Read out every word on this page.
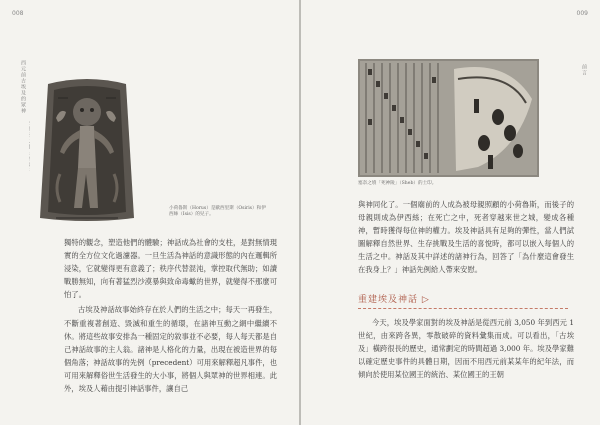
008
西元前古埃及的眾神
小荷魯斯（Horus）是歐西里斯（Osiris）和伊
西絲（Isis）的兒子。

獨特的觀念，塑造他們的體驗；神話成為社會的支柱，是對無情現實的全方位文化過濾器。一旦生活為神話的意識形態的內在邏輯所浸染，它就變得更有意義了；秩序代替混沌，掌控取代無助；如讀戰勝無知，向有著猛烈沙漠暴與致命毒蠍的世界，就變得不那麼可怕了。

古埃及神話故事始終存在於人們的生活之中；每天一再發生，不斷重複著創造、毀滅和重生的循環，在諸神互動之網中繼續不休。將這些故事安排為一種固定的敘事並不必要，每人每天都是自己神話故事的主人翁。諸神是人格化的力量，出現在被造世界的每個角落；神話故事的先例（precedent）可用來解釋超凡事件，也可用來解釋俗世生活發生的大小事，將個人與眾神的世界相連。此外，埃及人藉由提引神話事件，讓自己

009
前言
塞奈之墳「死神陵」（Sheb）的土印。

與神同化了。一個廟前的人成為被母親照顧的小荷魯斯，而後子的母親則成為伊西絲；在死亡之中，死者穿越來世之城，變成各種神，暫時獲得每位神的權力。埃及神話具有足夠的彈性，當人們試圖解釋自然世界、生存挑戰及生活的喜悅時，都可以嵌入每個人的生活之中。神話及其中詳述的諸神行為，回答了「為什麼這會發生在我身上？」神話先例給人帶來安慰。

重建埃及神話 ▷

今天，埃及學家面對的埃及神話是從西元前 3,050 年到西元 1 世紀，由來跨各異，零散破碎的資料彙集而成。可以看出，「古埃及」橫跨很長的歷史，通常劃定的時間超過 3,000 年。埃及學家難以確定歷史事件的具體日期，因而不用西元前某某年的紀年法，而傾向於使用某位國王的統治、某位國王的王朝
